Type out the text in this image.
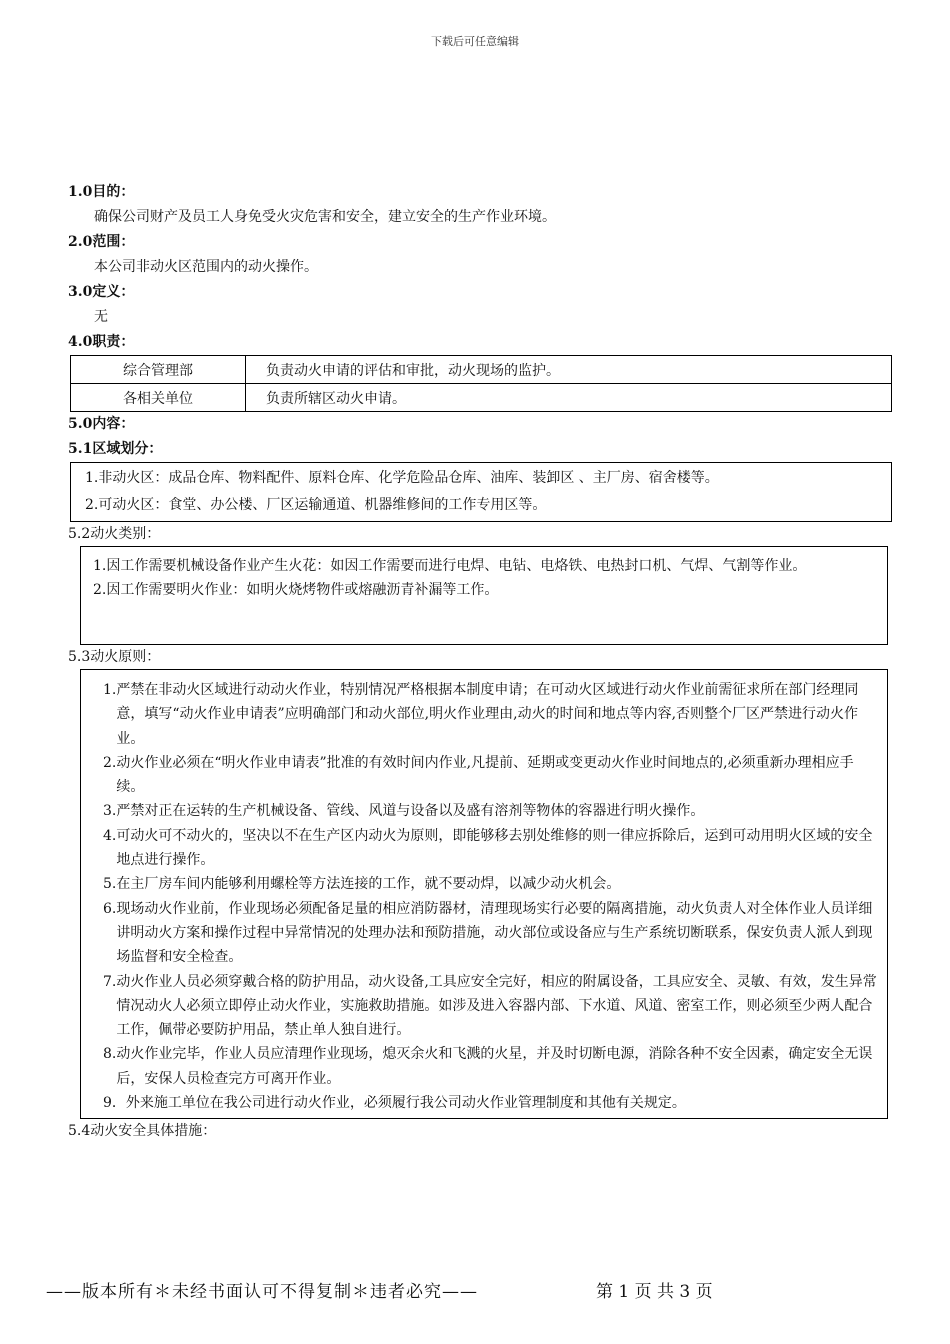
下载后可任意编辑
1.0目的：
确保公司财产及员工人身免受火灾危害和安全，建立安全的生产作业环境。
2.0范围：
本公司非动火区范围内的动火操作。
3.0定义：
无
4.0职责：
综合管理部	负责动火申请的评估和审批，动火现场的监护。
各相关单位	负责所辖区动火申请。
5.0内容：
5.1区域划分：
1. 非动火区：成品仓库、物料配件、原料仓库、化学危险品仓库、油库、装卸区 、主厂房、宿舍楼等。
2. 可动火区：食堂、办公楼、厂区运输通道、机器维修间的工作专用区等。
5.2动火类别：
1. 因工作需要机械设备作业产生火花：如因工作需要而进行电焊、电钻、电烙铁、电热封口机、气焊、气割等作业。
2. 因工作需要明火作业：如明火烧烤物件或熔融沥青补漏等工作。
5.3动火原则：
1. 严禁在非动火区域进行动动火作业，特别情况严格根据本制度申请；在可动火区域进行动火作业前需征求所在部门经理同意，填写“动火作业申请表”应明确部门和动火部位,明火作业理由,动火的时间和地点等内容,否则整个厂区严禁进行动火作业。
2. 动火作业必须在“明火作业申请表”批准的有效时间内作业,凡提前、延期或变更动火作业时间地点的,必须重新办理相应手续。
3. 严禁对正在运转的生产机械设备、管线、风道与设备以及盛有溶剂等物体的容器进行明火操作。
4. 可动火可不动火的，坚决以不在生产区内动火为原则，即能够移去别处维修的则一律应拆除后，运到可动用明火区域的安全地点进行操作。
5. 在主厂房车间内能够利用螺栓等方法连接的工作，就不要动焊，以减少动火机会。
6. 现场动火作业前，作业现场必须配备足量的相应消防器材，清理现场实行必要的隔离措施，动火负责人对全体作业人员详细讲明动火方案和操作过程中异常情况的处理办法和预防措施，动火部位或设备应与生产系统切断联系，保安负责人派人到现场监督和安全检查。
7. 动火作业人员必须穿戴合格的防护用品，动火设备,工具应安全完好，相应的附属设备，工具应安全、灵敏、有效，发生异常情况动火人必须立即停止动火作业，实施救助措施。如涉及进入容器内部、下水道、风道、密室工作，则必须至少两人配合工作，佩带必要防护用品，禁止单人独自进行。
8. 动火作业完毕，作业人员应清理作业现场，熄灭余火和飞溅的火星，并及时切断电源，消除各种不安全因素，确定安全无误后，安保人员检查完方可离开作业。
9． 外来施工单位在我公司进行动火作业，必须履行我公司动火作业管理制度和其他有关规定。
5.4动火安全具体措施：
——版本所有＊未经书面认可不得复制＊违者必究——	第 1 页 共 3 页
